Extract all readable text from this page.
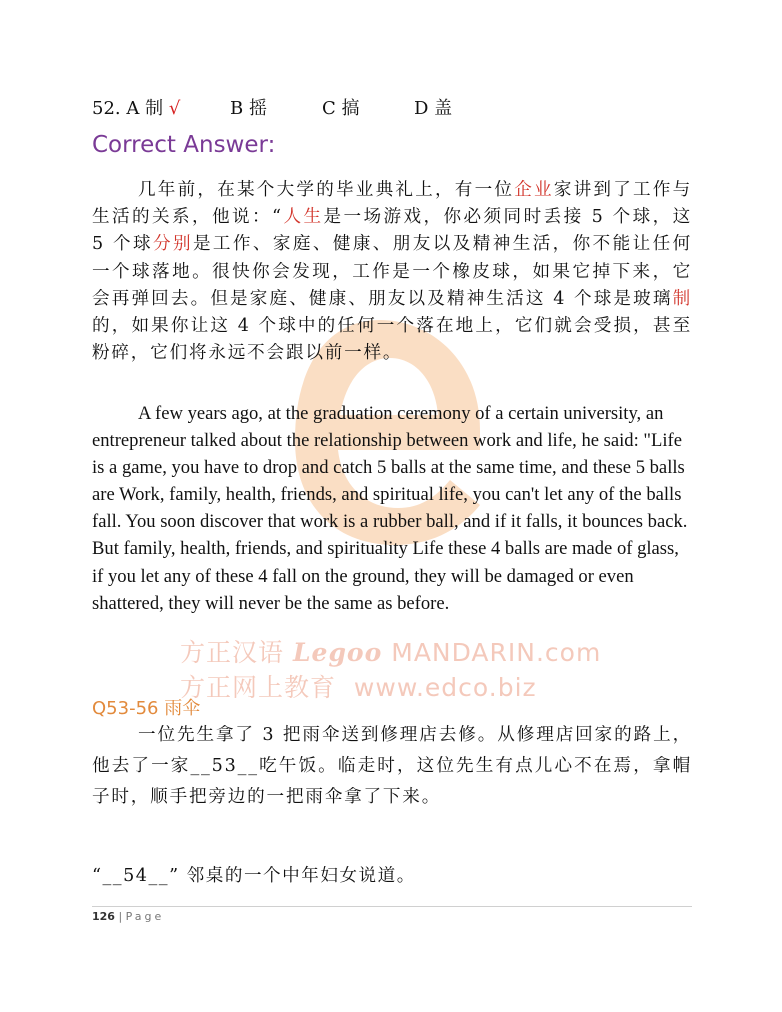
方正汉语 Legoo MANDARIN.com
方正网上教育 www.edco.biz
52. A 制 √	B 摇	C 搞	D 盖
Correct Answer:

几年前，在某个大学的毕业典礼上，有一位企业家讲到了工作与生活的关系，他说：“人生是一场游戏，你必须同时丢接 5 个球，这 5 个球分别是工作、家庭、健康、朋友以及精神生活，你不能让任何一个球落地。很快你会发现，工作是一个橡皮球，如果它掉下来，它会再弹回去。但是家庭、健康、朋友以及精神生活这 4 个球是玻璃制的，如果你让这 4 个球中的任何一个落在地上，它们就会受损，甚至粉碎，它们将永远不会跟以前一样。

A few years ago, at the graduation ceremony of a certain university, an entrepreneur talked about the relationship between work and life, he said: "Life is a game, you have to drop and catch 5 balls at the same time, and these 5 balls are Work, family, health, friends, and spiritual life, you can't let any of the balls fall. You soon discover that work is a rubber ball, and if it falls, it bounces back. But family, health, friends, and spirituality Life these 4 balls are made of glass, if you let any of these 4 fall on the ground, they will be damaged or even shattered, they will never be the same as before.

Q53-56 雨伞

一位先生拿了 3 把雨伞送到修理店去修。从修理店回家的路上，他去了一家__53__吃午饭。临走时，这位先生有点儿心不在焉，拿帽子时，顺手把旁边的一把雨伞拿了下来。

“__54__” 邻桌的一个中年妇女说道。
126 | Page
